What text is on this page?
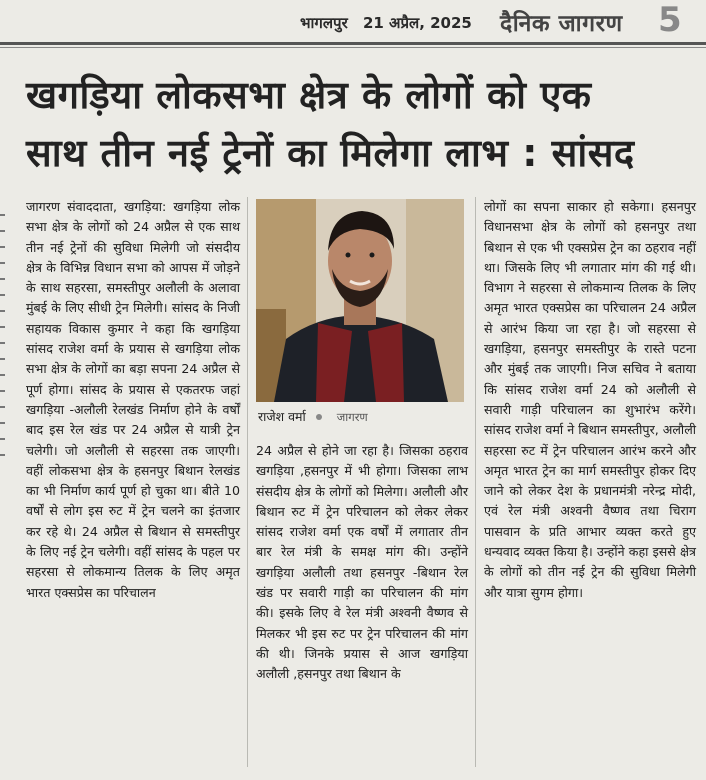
भागलपुर 21 अप्रैल, 2025 दैनिक जागरण 5
खगड़िया लोकसभा क्षेत्र के लोगों को एक
साथ तीन नई ट्रेनों का मिलेगा लाभ : सांसद

जागरण संवाददाता, खगड़िया: खगड़िया लोक सभा क्षेत्र के लोगों को 24 अप्रैल से एक साथ तीन नई ट्रेनों की सुविधा मिलेगी जो संसदीय क्षेत्र के विभिन्न विधान सभा को आपस में जोड़ने के साथ सहरसा, समस्तीपुर अलौली के अलावा मुंबई के लिए सीधी ट्रेन मिलेगी। सांसद के निजी सहायक विकास कुमार ने कहा कि खगड़िया सांसद राजेश वर्मा के प्रयास से खगड़िया लोक सभा क्षेत्र के लोगों का बड़ा सपना 24 अप्रैल से पूर्ण होगा। सांसद के प्रयास से एकतरफ जहां खगड़िया -अलौली रेलखंड निर्माण होने के वर्षों बाद इस रेल खंड पर 24 अप्रैल से यात्री ट्रेन चलेगी। जो अलौली से सहरसा तक जाएगी। वहीं लोकसभा क्षेत्र के हसनपुर बिथान रेलखंड का भी निर्माण कार्य पूर्ण हो चुका था। बीते 10 वर्षों से लोग इस रुट में ट्रेन चलने का इंतजार कर रहे थे। 24 अप्रैल से बिथान से समस्तीपुर के लिए नई ट्रेन चलेगी। वहीं सांसद के पहल पर सहरसा से लोकमान्य तिलक के लिए अमृत भारत एक्सप्रेस का परिचालन

राजेश वर्मा	जागरण

24 अप्रैल से होने जा रहा है। जिसका ठहराव खगड़िया ,हसनपुर में भी होगा। जिसका लाभ संसदीय क्षेत्र के लोगों को मिलेगा। अलौली और बिथान रुट में ट्रेन परिचालन को लेकर लेकर सांसद राजेश वर्मा एक वर्षों में लगातार तीन बार रेल मंत्री के समक्ष मांग की। उन्होंने खगड़िया अलौली तथा हसनपुर -बिथान रेल खंड पर सवारी गाड़ी का परिचालन की मांग की। इसके लिए वे रेल मंत्री अश्वनी वैष्णव से मिलकर भी इस रुट पर ट्रेन परिचालन की मांग की थी। जिनके प्रयास से आज खगड़िया अलौली ,हसनपुर तथा बिथान के

लोगों का सपना साकार हो सकेगा। हसनपुर विधानसभा क्षेत्र के लोगों को हसनपुर तथा बिथान से एक भी एक्सप्रेस ट्रेन का ठहराव नहीं था। जिसके लिए भी लगातार मांग की गई थी। विभाग ने सहरसा से लोकमान्य तिलक के लिए अमृत भारत एक्सप्रेस का परिचालन 24 अप्रैल से आरंभ किया जा रहा है। जो सहरसा से खगड़िया, हसनपुर समस्तीपुर के रास्ते पटना और मुंबई तक जाएगी। निज सचिव ने बताया कि सांसद राजेश वर्मा 24 को अलौली से सवारी गाड़ी परिचालन का शुभारंभ करेंगे। सांसद राजेश वर्मा ने बिथान समस्तीपुर, अलौली सहरसा रुट में ट्रेन परिचालन आरंभ करने और अमृत भारत ट्रेन का मार्ग समस्तीपुर होकर दिए जाने को लेकर देश के प्रधानमंत्री नरेन्द्र मोदी, एवं रेल मंत्री अश्वनी वैष्णव तथा चिराग पासवान के प्रति आभार व्यक्त करते हुए धन्यवाद व्यक्त किया है। उन्होंने कहा इससे क्षेत्र के लोगों को तीन नई ट्रेन की सुविधा मिलेगी और यात्रा सुगम होगा।
